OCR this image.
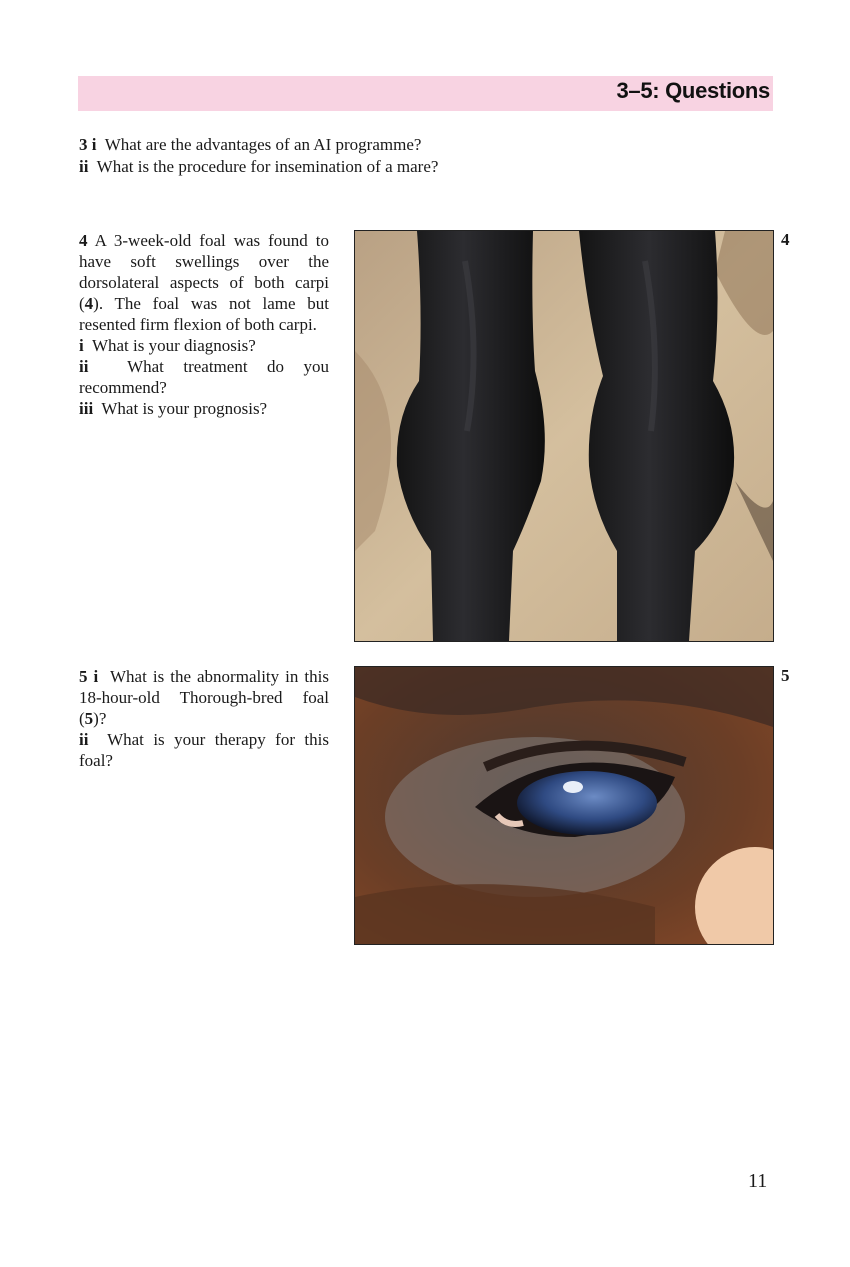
3–5: Questions
3 i What are the advantages of an AI programme?
ii What is the procedure for insemination of a mare?
4 A 3-week-old foal was found to have soft swellings over the dorsolateral aspects of both carpi (4). The foal was not lame but resented firm flexion of both carpi.
i What is your diagnosis?
ii What treatment do you recommend?
iii What is your prognosis?
4
5 i What is the abnormality in this 18-hour-old Thorough-bred foal (5)?
ii What is your therapy for this foal?
5
11
